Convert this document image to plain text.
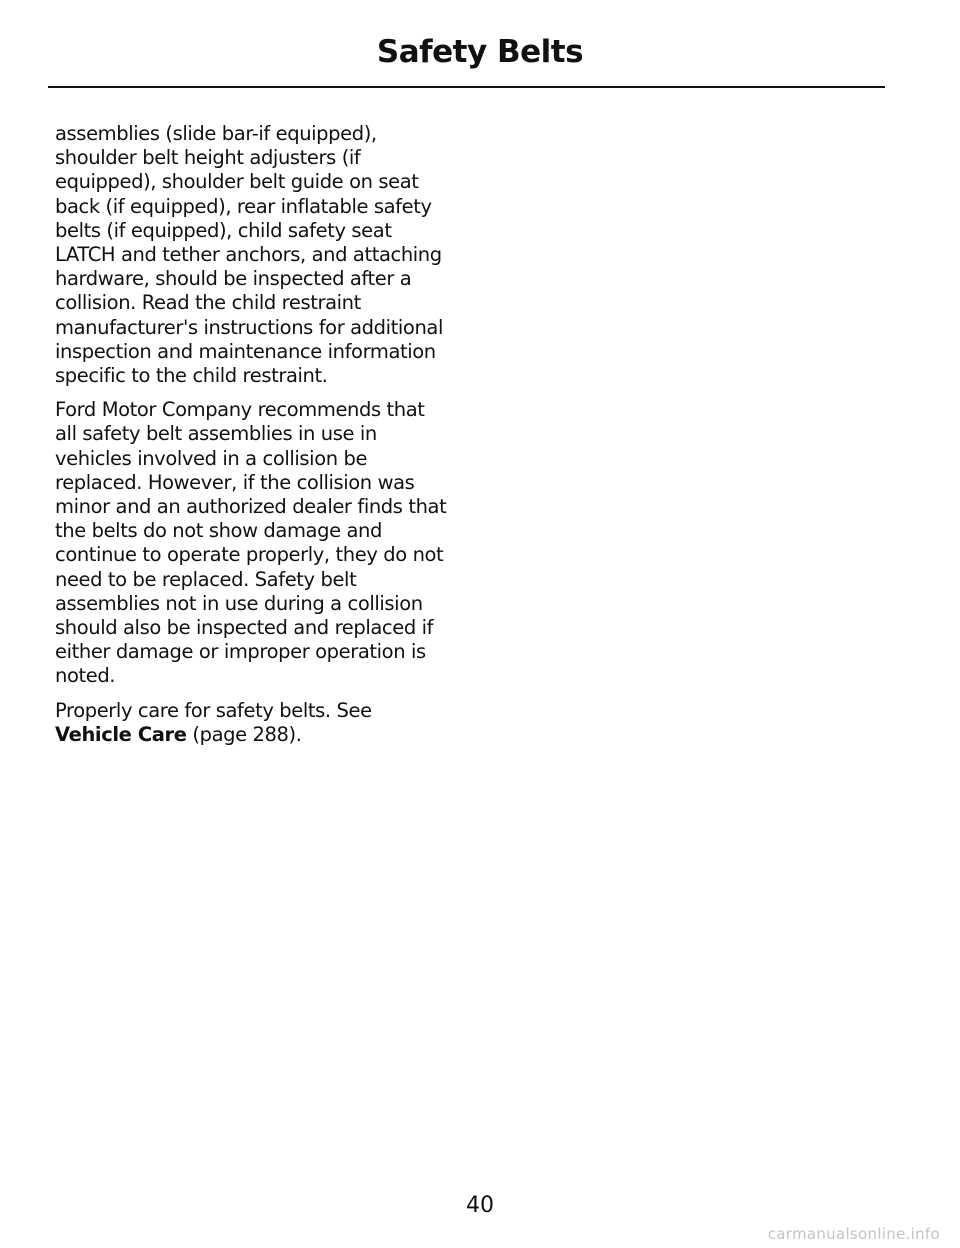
Safety Belts

assemblies (slide bar-if equipped), shoulder belt height adjusters (if equipped), shoulder belt guide on seat back (if equipped), rear inflatable safety belts (if equipped), child safety seat LATCH and tether anchors, and attaching hardware, should be inspected after a collision. Read the child restraint manufacturer's instructions for additional inspection and maintenance information specific to the child restraint.

Ford Motor Company recommends that all safety belt assemblies in use in vehicles involved in a collision be replaced. However, if the collision was minor and an authorized dealer finds that the belts do not show damage and continue to operate properly, they do not need to be replaced. Safety belt assemblies not in use during a collision should also be inspected and replaced if either damage or improper operation is noted.

Properly care for safety belts. See Vehicle Care (page 288).

40
carmanualsonline.info
